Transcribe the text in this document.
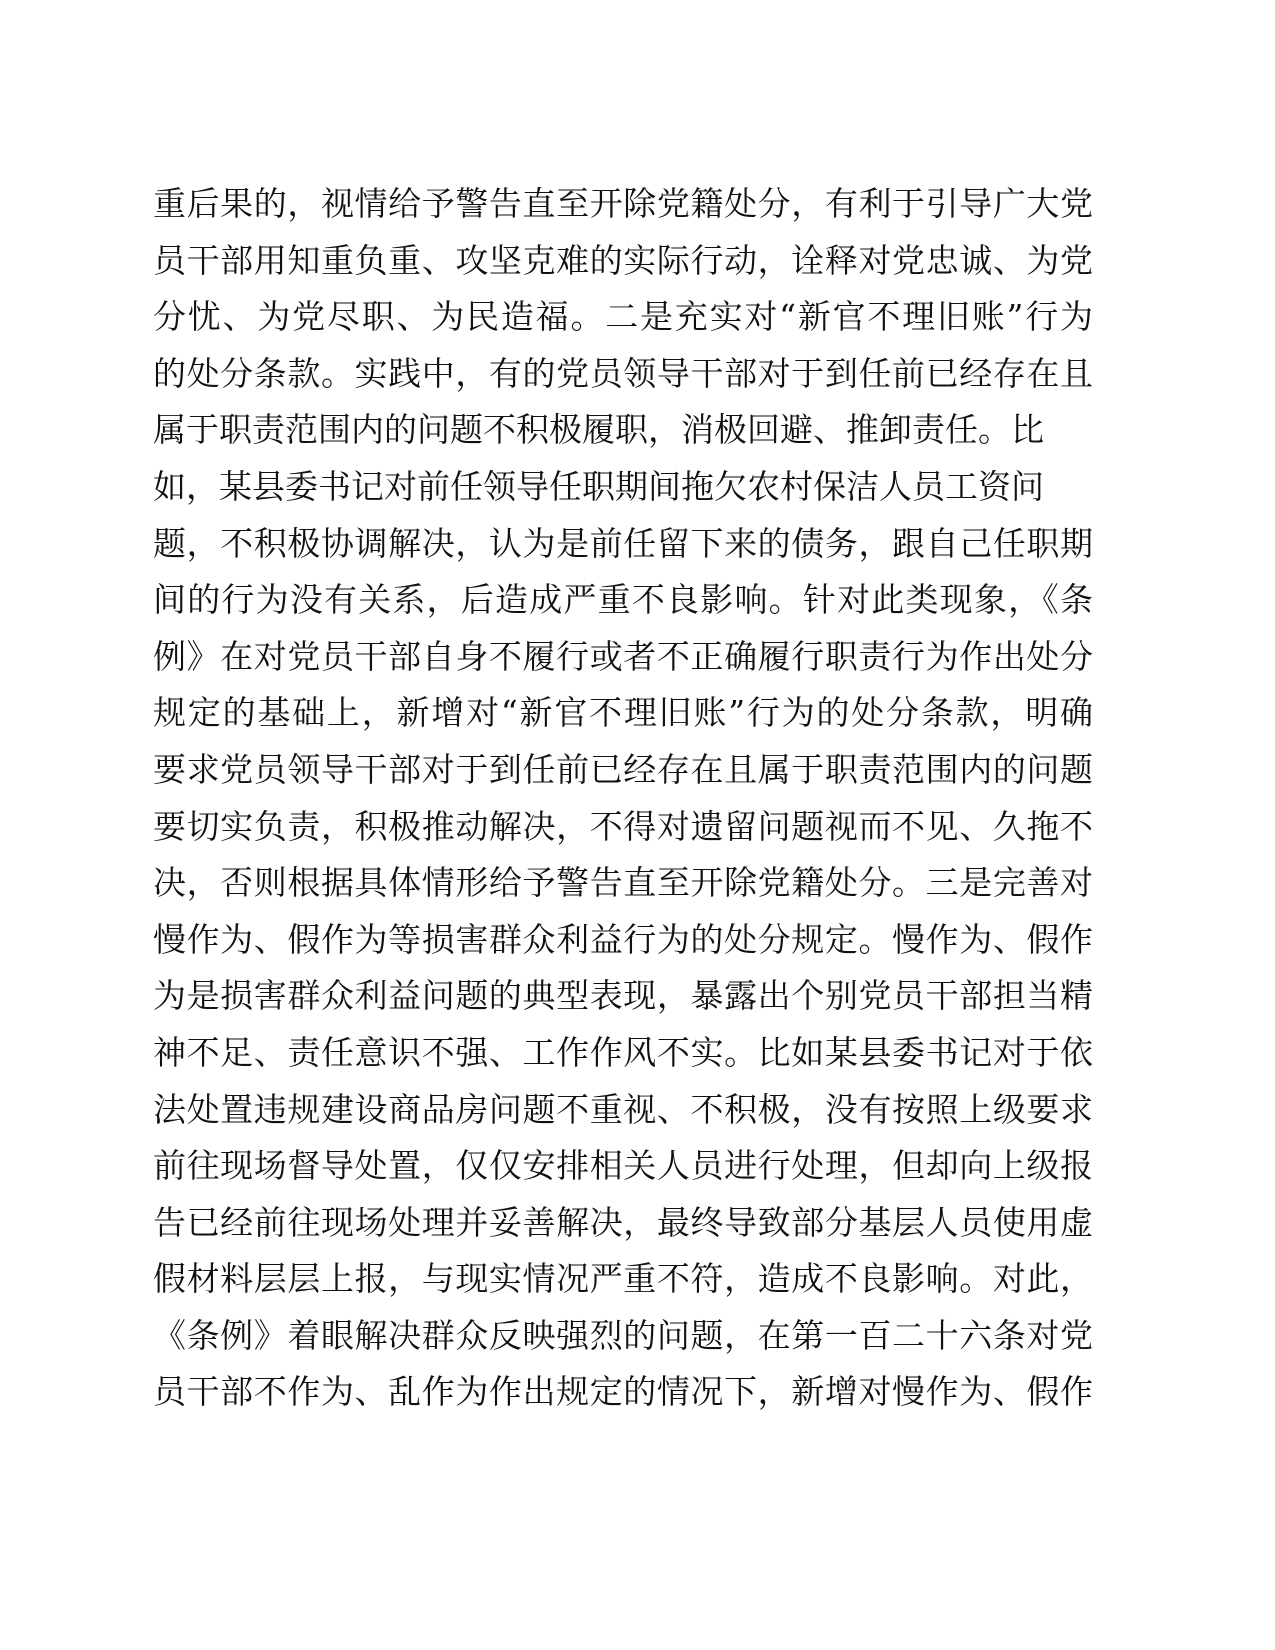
重后果的，视情给予警告直至开除党籍处分，有利于引导广大党
员干部用知重负重、攻坚克难的实际行动，诠释对党忠诚、为党
分忧、为党尽职、为民造福。二是充实对“新官不理旧账”行为
的处分条款。实践中，有的党员领导干部对于到任前已经存在且
属于职责范围内的问题不积极履职，消极回避、推卸责任。比
如，某县委书记对前任领导任职期间拖欠农村保洁人员工资问
题，不积极协调解决，认为是前任留下来的债务，跟自己任职期
间的行为没有关系，后造成严重不良影响。针对此类现象，《条
例》在对党员干部自身不履行或者不正确履行职责行为作出处分
规定的基础上，新增对“新官不理旧账”行为的处分条款，明确
要求党员领导干部对于到任前已经存在且属于职责范围内的问题
要切实负责，积极推动解决，不得对遗留问题视而不见、久拖不
决，否则根据具体情形给予警告直至开除党籍处分。三是完善对
慢作为、假作为等损害群众利益行为的处分规定。慢作为、假作
为是损害群众利益问题的典型表现，暴露出个别党员干部担当精
神不足、责任意识不强、工作作风不实。比如某县委书记对于依
法处置违规建设商品房问题不重视、不积极，没有按照上级要求
前往现场督导处置，仅仅安排相关人员进行处理，但却向上级报
告已经前往现场处理并妥善解决，最终导致部分基层人员使用虚
假材料层层上报，与现实情况严重不符，造成不良影响。对此，
《条例》着眼解决群众反映强烈的问题，在第一百二十六条对党
员干部不作为、乱作为作出规定的情况下，新增对慢作为、假作
